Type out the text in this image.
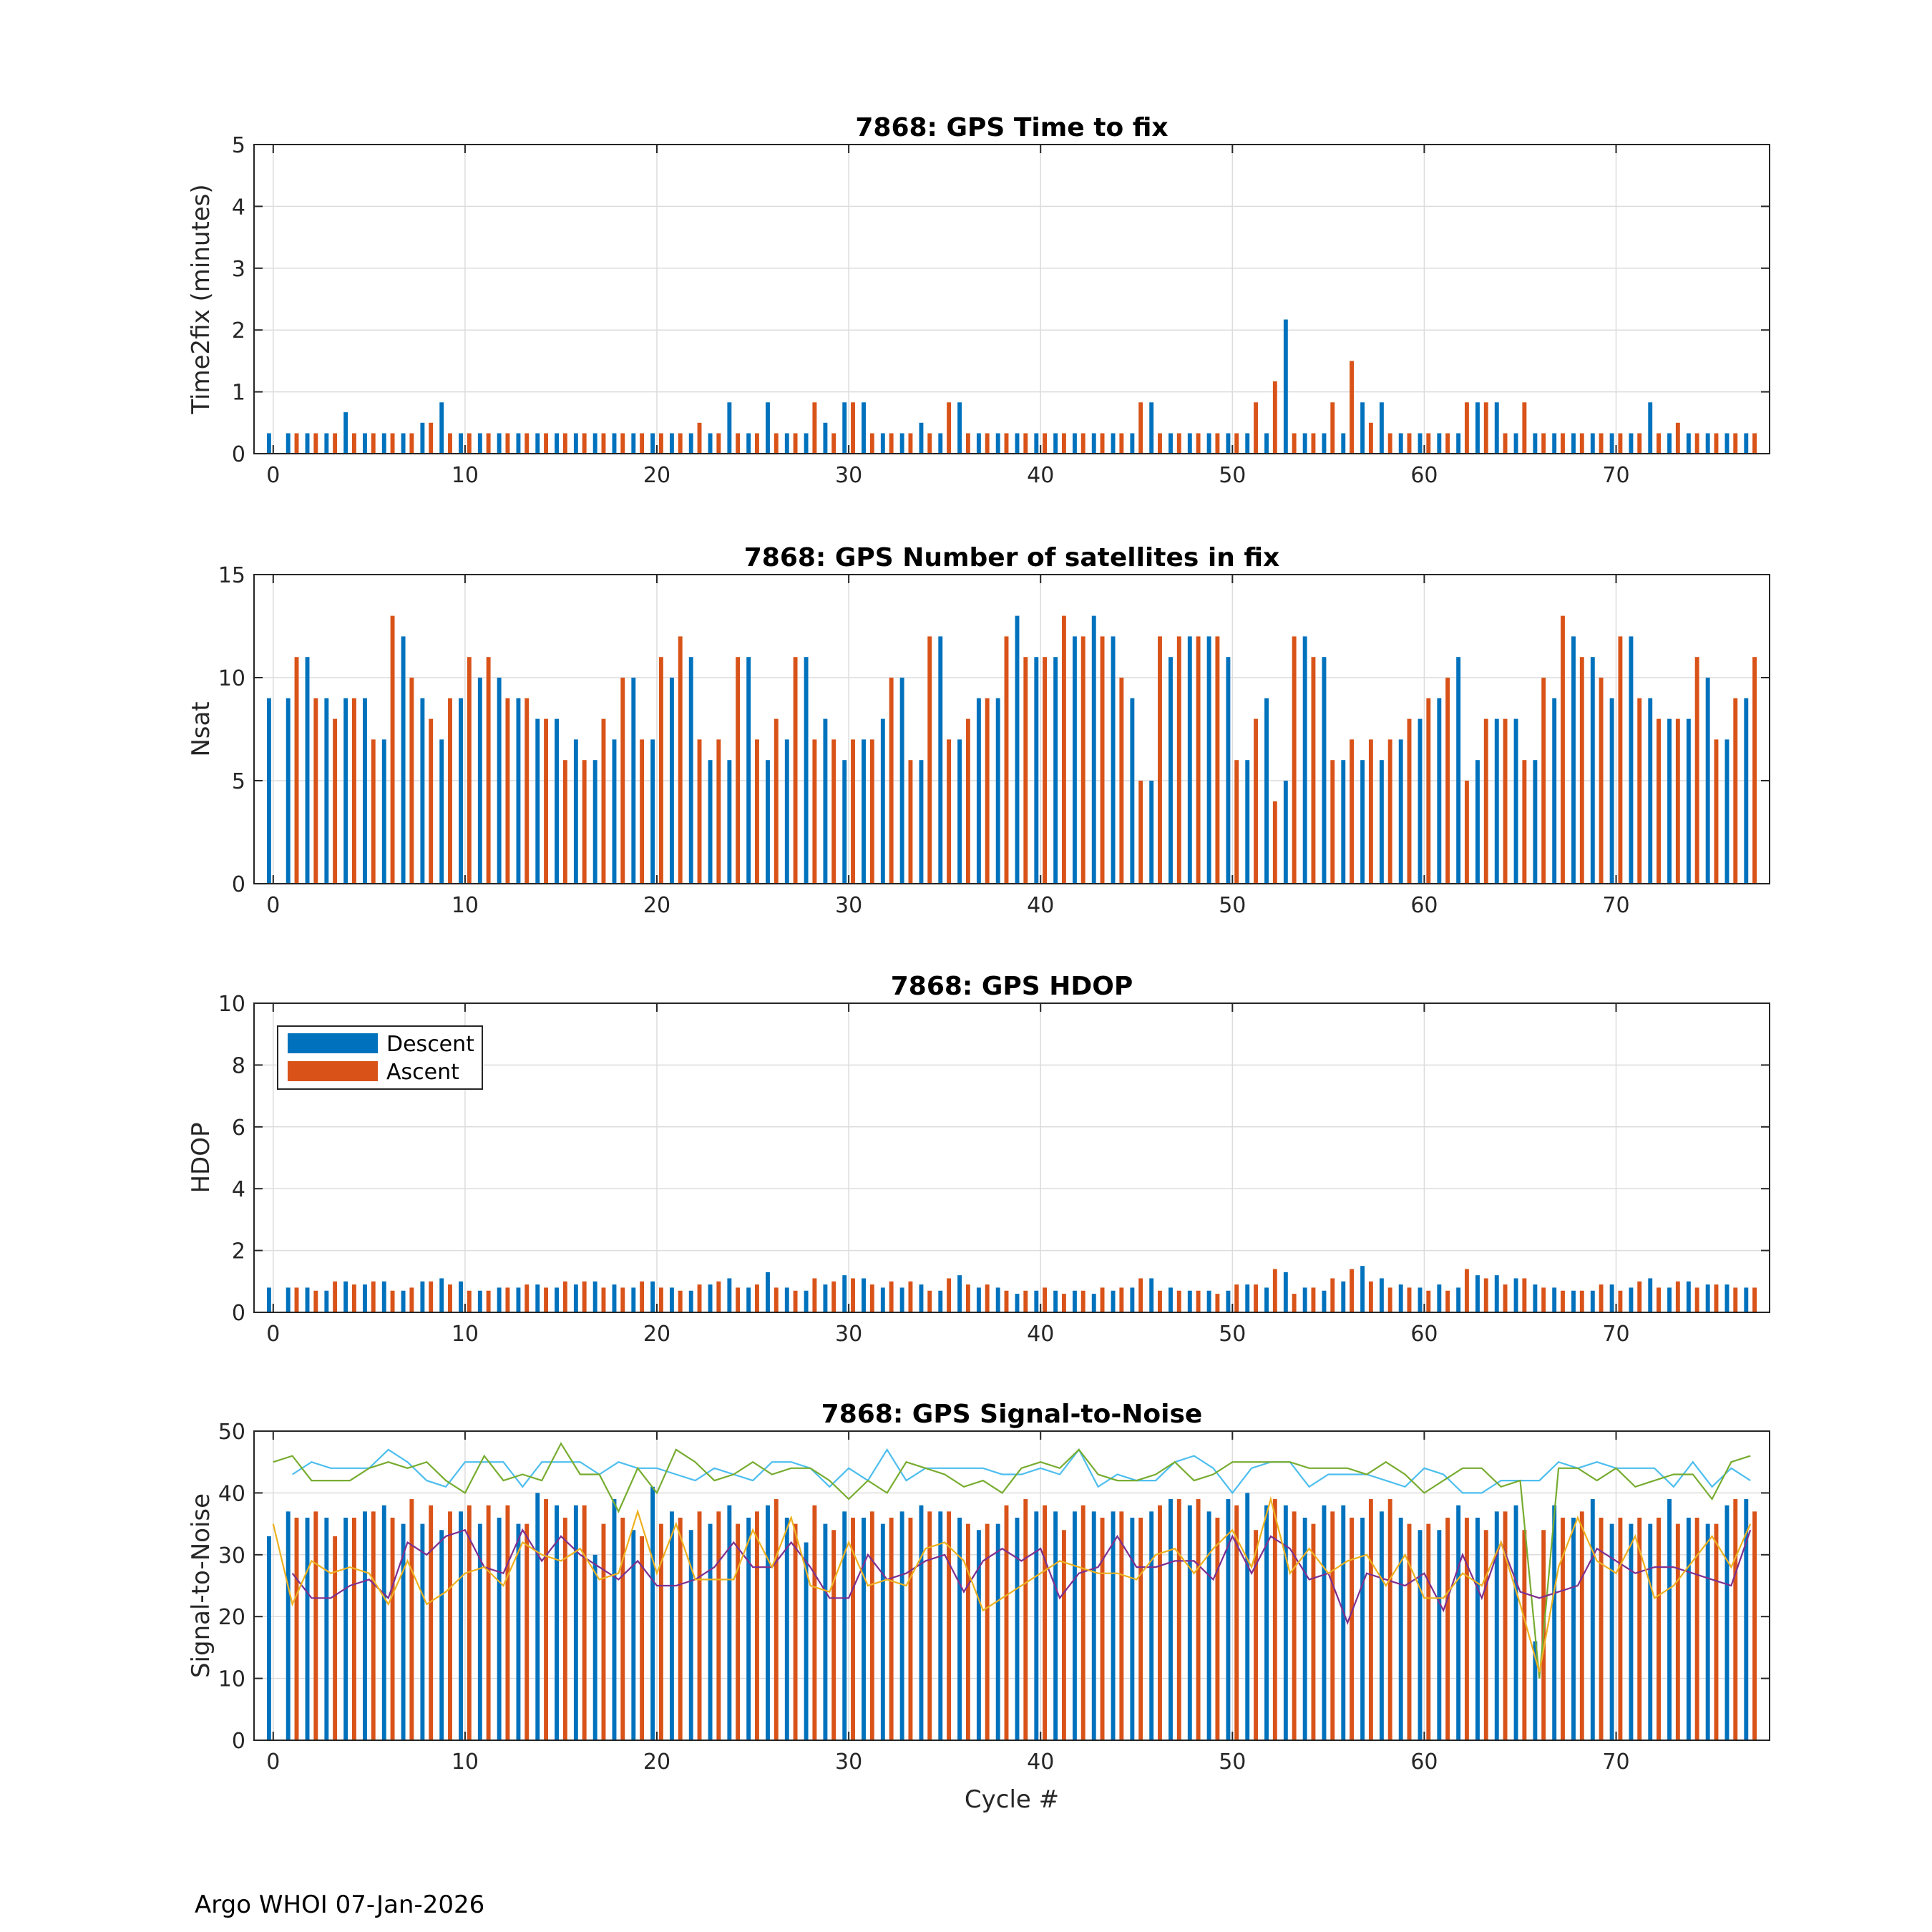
0	10	20	30	40	50	60	70
0
1
2
3
4
5
7868: GPS Time to fix
Time2fix (minutes)
0	10	20	30	40	50	60	70
0
5
10
15
7868: GPS Number of satellites in fix
Nsat
0	10	20	30	40	50	60	70
0
2
4
6
8
10
7868: GPS HDOP
HDOP
Descent
Ascent
0	10	20	30	40	50	60	70
0
10
20
30
40
50
7868: GPS Signal-to-Noise
Signal-to-Noise
Cycle #
Argo WHOI 07-Jan-2026
